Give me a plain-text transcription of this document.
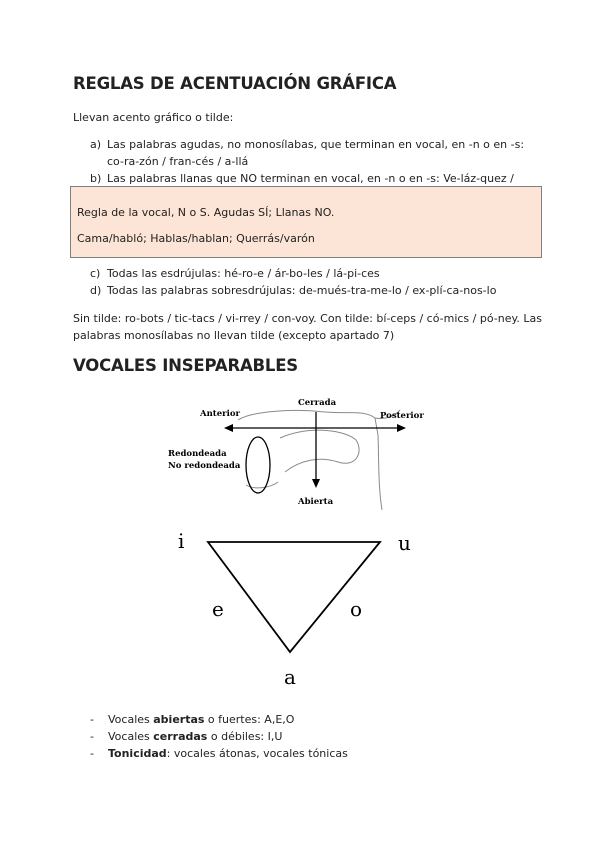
REGLAS DE ACENTUACIÓN GRÁFICA
Llevan acento gráfico o tilde:
a) Las palabras agudas, no monosílabas, que terminan en vocal, en -n o en -s:
co-ra-zón / fran-cés / a-llá
b) Las palabras llanas que NO terminan en vocal, en -n o en -s: Ve-láz-quez /
Regla de la vocal, N o S. Agudas SÍ; Llanas NO.
Cama/habló; Hablas/hablan; Querrás/varón
c) Todas las esdrújulas: hé-ro-e / ár-bo-les / lá-pi-ces
d) Todas las palabras sobresdrújulas: de-mués-tra-me-lo / ex-plí-ca-nos-lo
Sin tilde: ro-bots / tic-tacs / vi-rrey / con-voy. Con tilde: bí-ceps / có-mics / pó-ney. Las
palabras monosílabas no llevan tilde (excepto apartado 7)
VOCALES INSEPARABLES
Anterior
Cerrada
Posterior
Redondeada
No redondeada
Abierta
i	u
e	o
a
- Vocales abiertas o fuertes: A,E,O
- Vocales cerradas o débiles: I,U
- Tonicidad: vocales átonas, vocales tónicas
